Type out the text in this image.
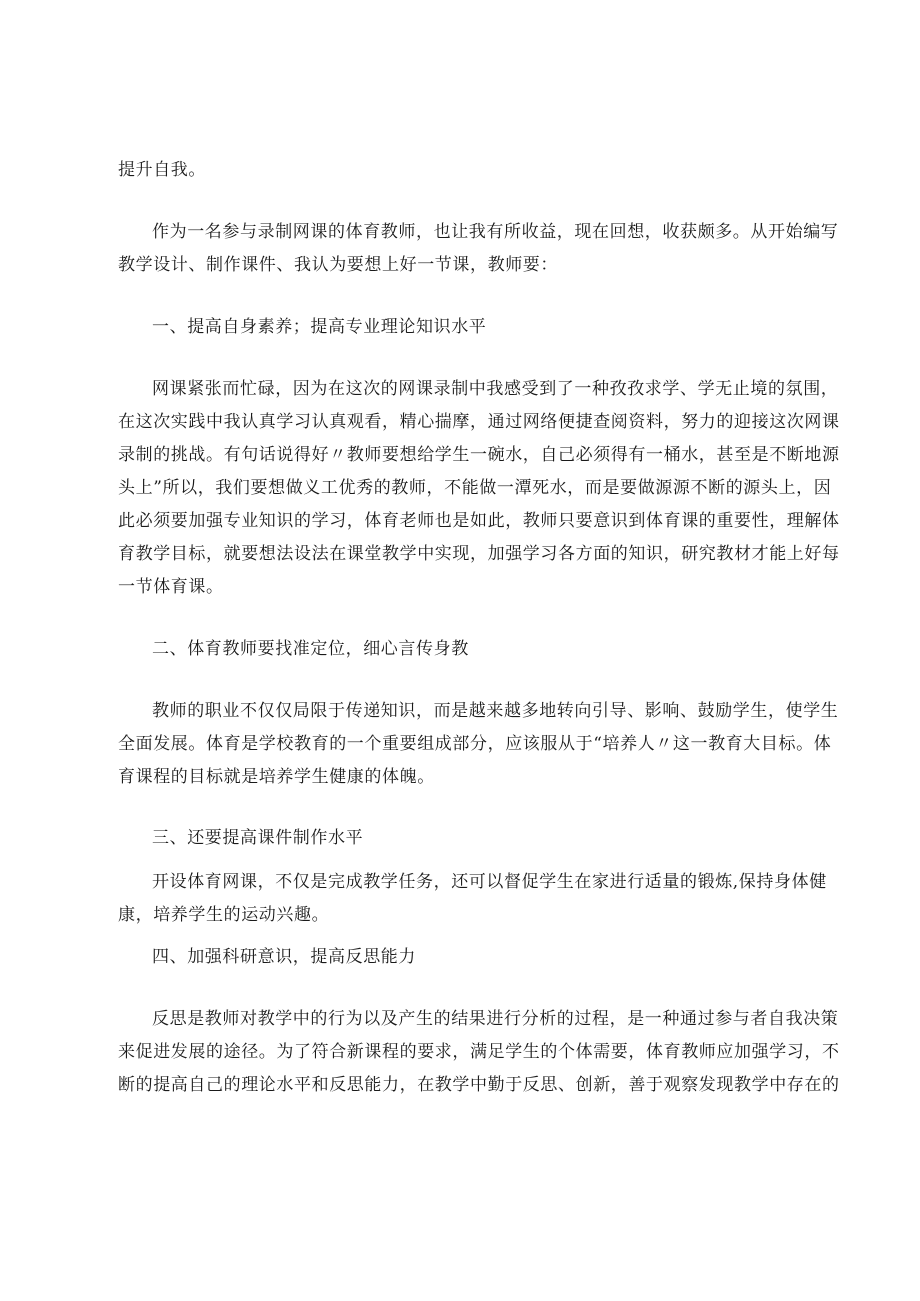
提升自我。
作为一名参与录制网课的体育教师，也让我有所收益，现在回想，收获颇多。从开始编写
教学设计、制作课件、我认为要想上好一节课，教师要：
一、提高自身素养；提高专业理论知识水平
网课紧张而忙碌，因为在这次的网课录制中我感受到了一种孜孜求学、学无止境的氛围，
在这次实践中我认真学习认真观看，精心揣摩，通过网络便捷查阅资料，努力的迎接这次网课
录制的挑战。有句话说得好〃教师要想给学生一碗水，自己必须得有一桶水，甚至是不断地源
头上”所以，我们要想做义工优秀的教师，不能做一潭死水，而是要做源源不断的源头上，因
此必须要加强专业知识的学习，体育老师也是如此，教师只要意识到体育课的重要性，理解体
育教学目标，就要想法设法在课堂教学中实现，加强学习各方面的知识，研究教材才能上好每
一节体育课。
二、体育教师要找准定位，细心言传身教
教师的职业不仅仅局限于传递知识，而是越来越多地转向引导、影响、鼓励学生，使学生
全面发展。体育是学校教育的一个重要组成部分，应该服从于“培养人〃这一教育大目标。体
育课程的目标就是培养学生健康的体魄。
三、还要提高课件制作水平
开设体育网课，不仅是完成教学任务，还可以督促学生在家进行适量的锻炼,保持身体健
康，培养学生的运动兴趣。
四、加强科研意识，提高反思能力
反思是教师对教学中的行为以及产生的结果进行分析的过程，是一种通过参与者自我决策
来促进发展的途径。为了符合新课程的要求，满足学生的个体需要，体育教师应加强学习，不
断的提高自己的理论水平和反思能力，在教学中勤于反思、创新，善于观察发现教学中存在的
